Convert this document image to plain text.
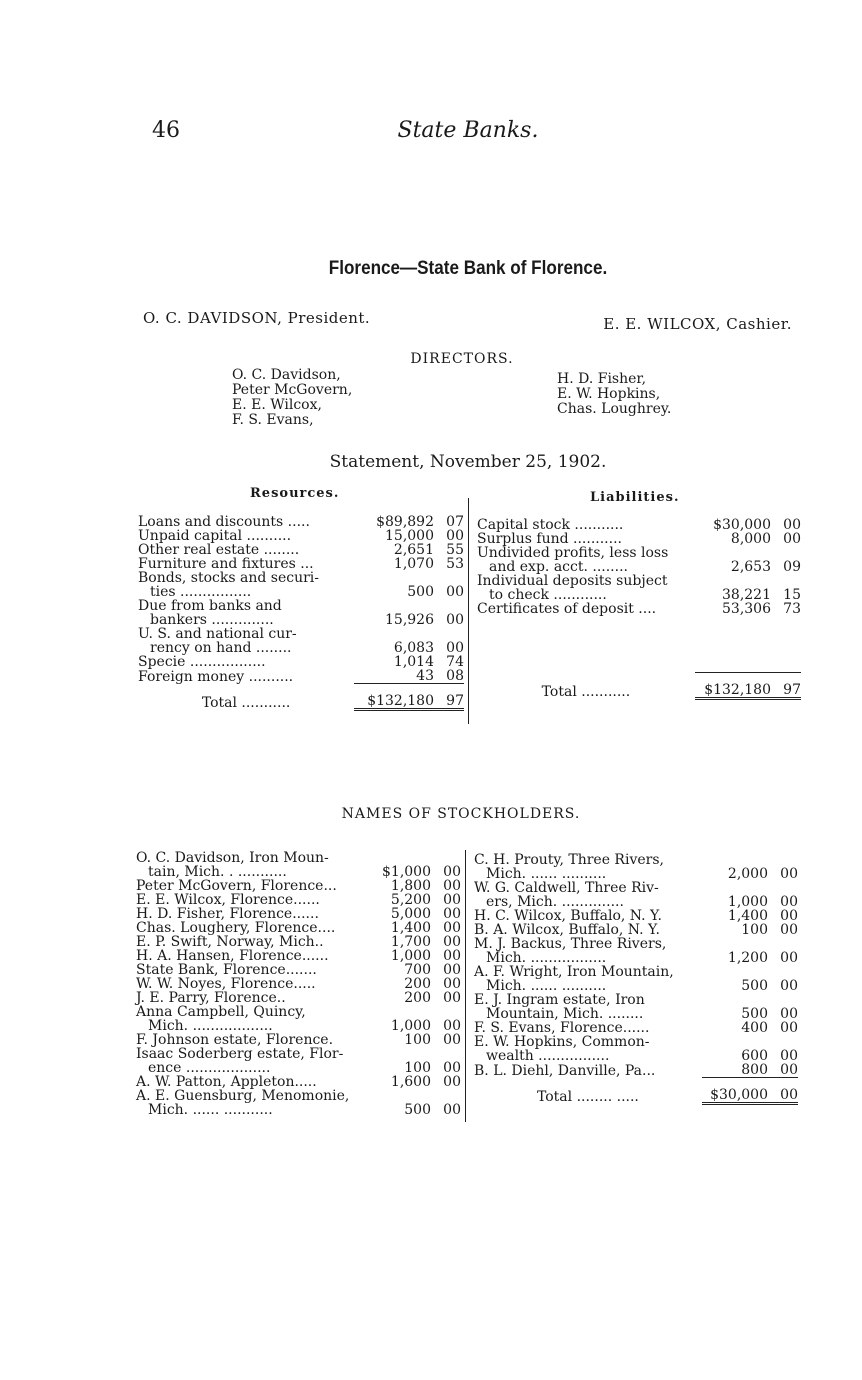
46	State Banks.
Florence—State Bank of Florence.
O. C. DAVIDSON, President.	E. E. WILCOX, Cashier.
DIRECTORS.
O. C. Davidson,
Peter McGovern,
E. E. Wilcox,
F. S. Evans,
H. D. Fisher,
E. W. Hopkins,
Chas. Loughrey.
Statement, November 25, 1902.
Resources.	Liabilities.
Loans and discounts .....	$89,892	07
Unpaid capital ..........	15,000	00
Other real estate ........	2,651	55
Furniture and fixtures ...	1,070	53
Bonds, stocks and securi-		
ties ................	500	00
Due from banks and		
bankers ..............	15,926	00
U. S. and national cur-		
rency on hand ........	6,083	00
Specie .................	1,014	74
Foreign money ..........	43	08
Total ...........	$132,180	97
Capital stock ...........	$30,000	00
Surplus fund ...........	8,000	00
Undivided profits, less loss		
and exp. acct. ........	2,653	09
Individual deposits subject		
to check ............	38,221	15
Certificates of deposit ....	53,306	73

Total ...........	$132,180	97
NAMES OF STOCKHOLDERS.
O. C. Davidson, Iron Moun-		
tain, Mich. . ...........	$1,000	00
Peter McGovern, Florence...	1,800	00
E. E. Wilcox, Florence......	5,200	00
H. D. Fisher, Florence......	5,000	00
Chas. Loughery, Florence....	1,400	00
E. P. Swift, Norway, Mich..	1,700	00
H. A. Hansen, Florence......	1,000	00
State Bank, Florence.......	700	00
W. W. Noyes, Florence.....	200	00
J. E. Parry, Florence..	200	00
Anna Campbell, Quincy,		
Mich. ..................	1,000	00
F. Johnson estate, Florence.	100	00
Isaac Soderberg estate, Flor-		
ence ...................	100	00
A. W. Patton, Appleton.....	1,600	00
A. E. Guensburg, Menomonie,		
Mich. ...... ...........	500	00
C. H. Prouty, Three Rivers,		
Mich. ...... ..........	2,000	00
W. G. Caldwell, Three Riv-		
ers, Mich. ..............	1,000	00
H. C. Wilcox, Buffalo, N. Y.	1,400	00
B. A. Wilcox, Buffalo, N. Y.	100	00
M. J. Backus, Three Rivers,		
Mich. .................	1,200	00
A. F. Wright, Iron Mountain,		
Mich. ...... ..........	500	00
E. J. Ingram estate, Iron		
Mountain, Mich. ........	500	00
F. S. Evans, Florence......	400	00
E. W. Hopkins, Common-		
wealth ................	600	00
B. L. Diehl, Danville, Pa...	800	00
Total ........ .....	$30,000	00
